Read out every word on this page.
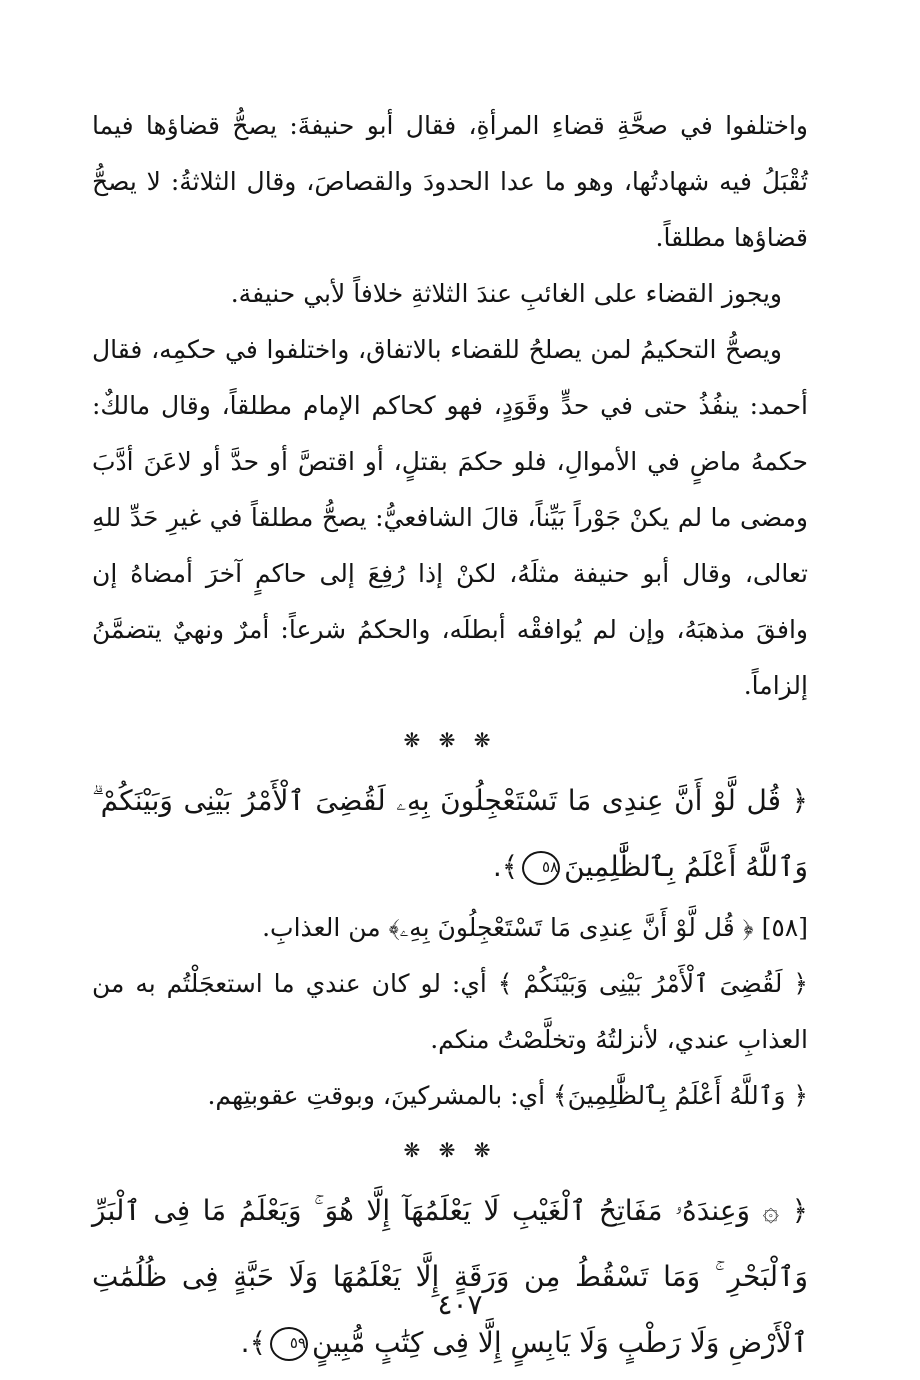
واختلفوا في صحَّةِ قضاءِ المرأةِ، فقال أبو حنيفةَ: يصحُّ قضاؤها فيما تُقْبَلُ فيه شهادتُها، وهو ما عدا الحدودَ والقصاصَ، وقال الثلاثةُ: لا يصحُّ قضاؤها مطلقاً.

ويجوز القضاء على الغائبِ عندَ الثلاثةِ خلافاً لأبي حنيفة.

ويصحُّ التحكيمُ لمن يصلحُ للقضاء بالاتفاق، واختلفوا في حكمِه، فقال أحمد: ينفُذُ حتى في حدٍّ وقَوَدٍ، فهو كحاكم الإمام مطلقاً، وقال مالكٌ: حكمهُ ماضٍ في الأموالِ، فلو حكمَ بقتلٍ، أو اقتصَّ أو حدَّ أو لاعَنَ أدَّبَ ومضى ما لم يكنْ جَوْراً بَيِّناً، قالَ الشافعيُّ: يصحُّ مطلقاً في غيرِ حَدِّ للهِ تعالى، وقال أبو حنيفة مثلَهُ، لكنْ إذا رُفِعَ إلى حاكمٍ آخرَ أمضاهُ إن وافقَ مذهبَهُ، وإن لم يُوافقْه أبطلَه، والحكمُ شرعاً: أمرٌ ونهيٌ يتضمَّنُ إلزاماً.

❋ ❋ ❋

﴿ قُل لَّوْ أَنَّ عِندِى مَا تَسْتَعْجِلُونَ بِهِۦ لَقُضِىَ ٱلْأَمْرُ بَيْنِى وَبَيْنَكُمْ ۗ وَٱللَّهُ أَعْلَمُ بِٱلظَّٰلِمِينَ٥٨﴾.

[٥٨] ﴿ قُل لَّوْ أَنَّ عِندِى مَا تَسْتَعْجِلُونَ بِهِۦ﴾ من العذابِ.

﴿ لَقُضِىَ ٱلْأَمْرُ بَيْنِى وَبَيْنَكُمْ ﴾ أي: لو كان عندي ما استعجَلْتُم به من العذابِ عندي، لأنزلتُهُ وتخلَّصْتُ منكم.

﴿ وَٱللَّهُ أَعْلَمُ بِٱلظَّٰلِمِينَ﴾ أي: بالمشركينَ، وبوقتِ عقوبتِهم.

❋ ❋ ❋

﴿ ۞ وَعِندَهُۥ مَفَاتِحُ ٱلْغَيْبِ لَا يَعْلَمُهَآ إِلَّا هُوَ ۚ وَيَعْلَمُ مَا فِى ٱلْبَرِّ وَٱلْبَحْرِ ۚ وَمَا تَسْقُطُ مِن وَرَقَةٍ إِلَّا يَعْلَمُهَا وَلَا حَبَّةٍ فِى ظُلُمَٰتِ ٱلْأَرْضِ وَلَا رَطْبٍ وَلَا يَابِسٍ إِلَّا فِى كِتَٰبٍ مُّبِينٍ٥٩﴾.

٤٠٧
